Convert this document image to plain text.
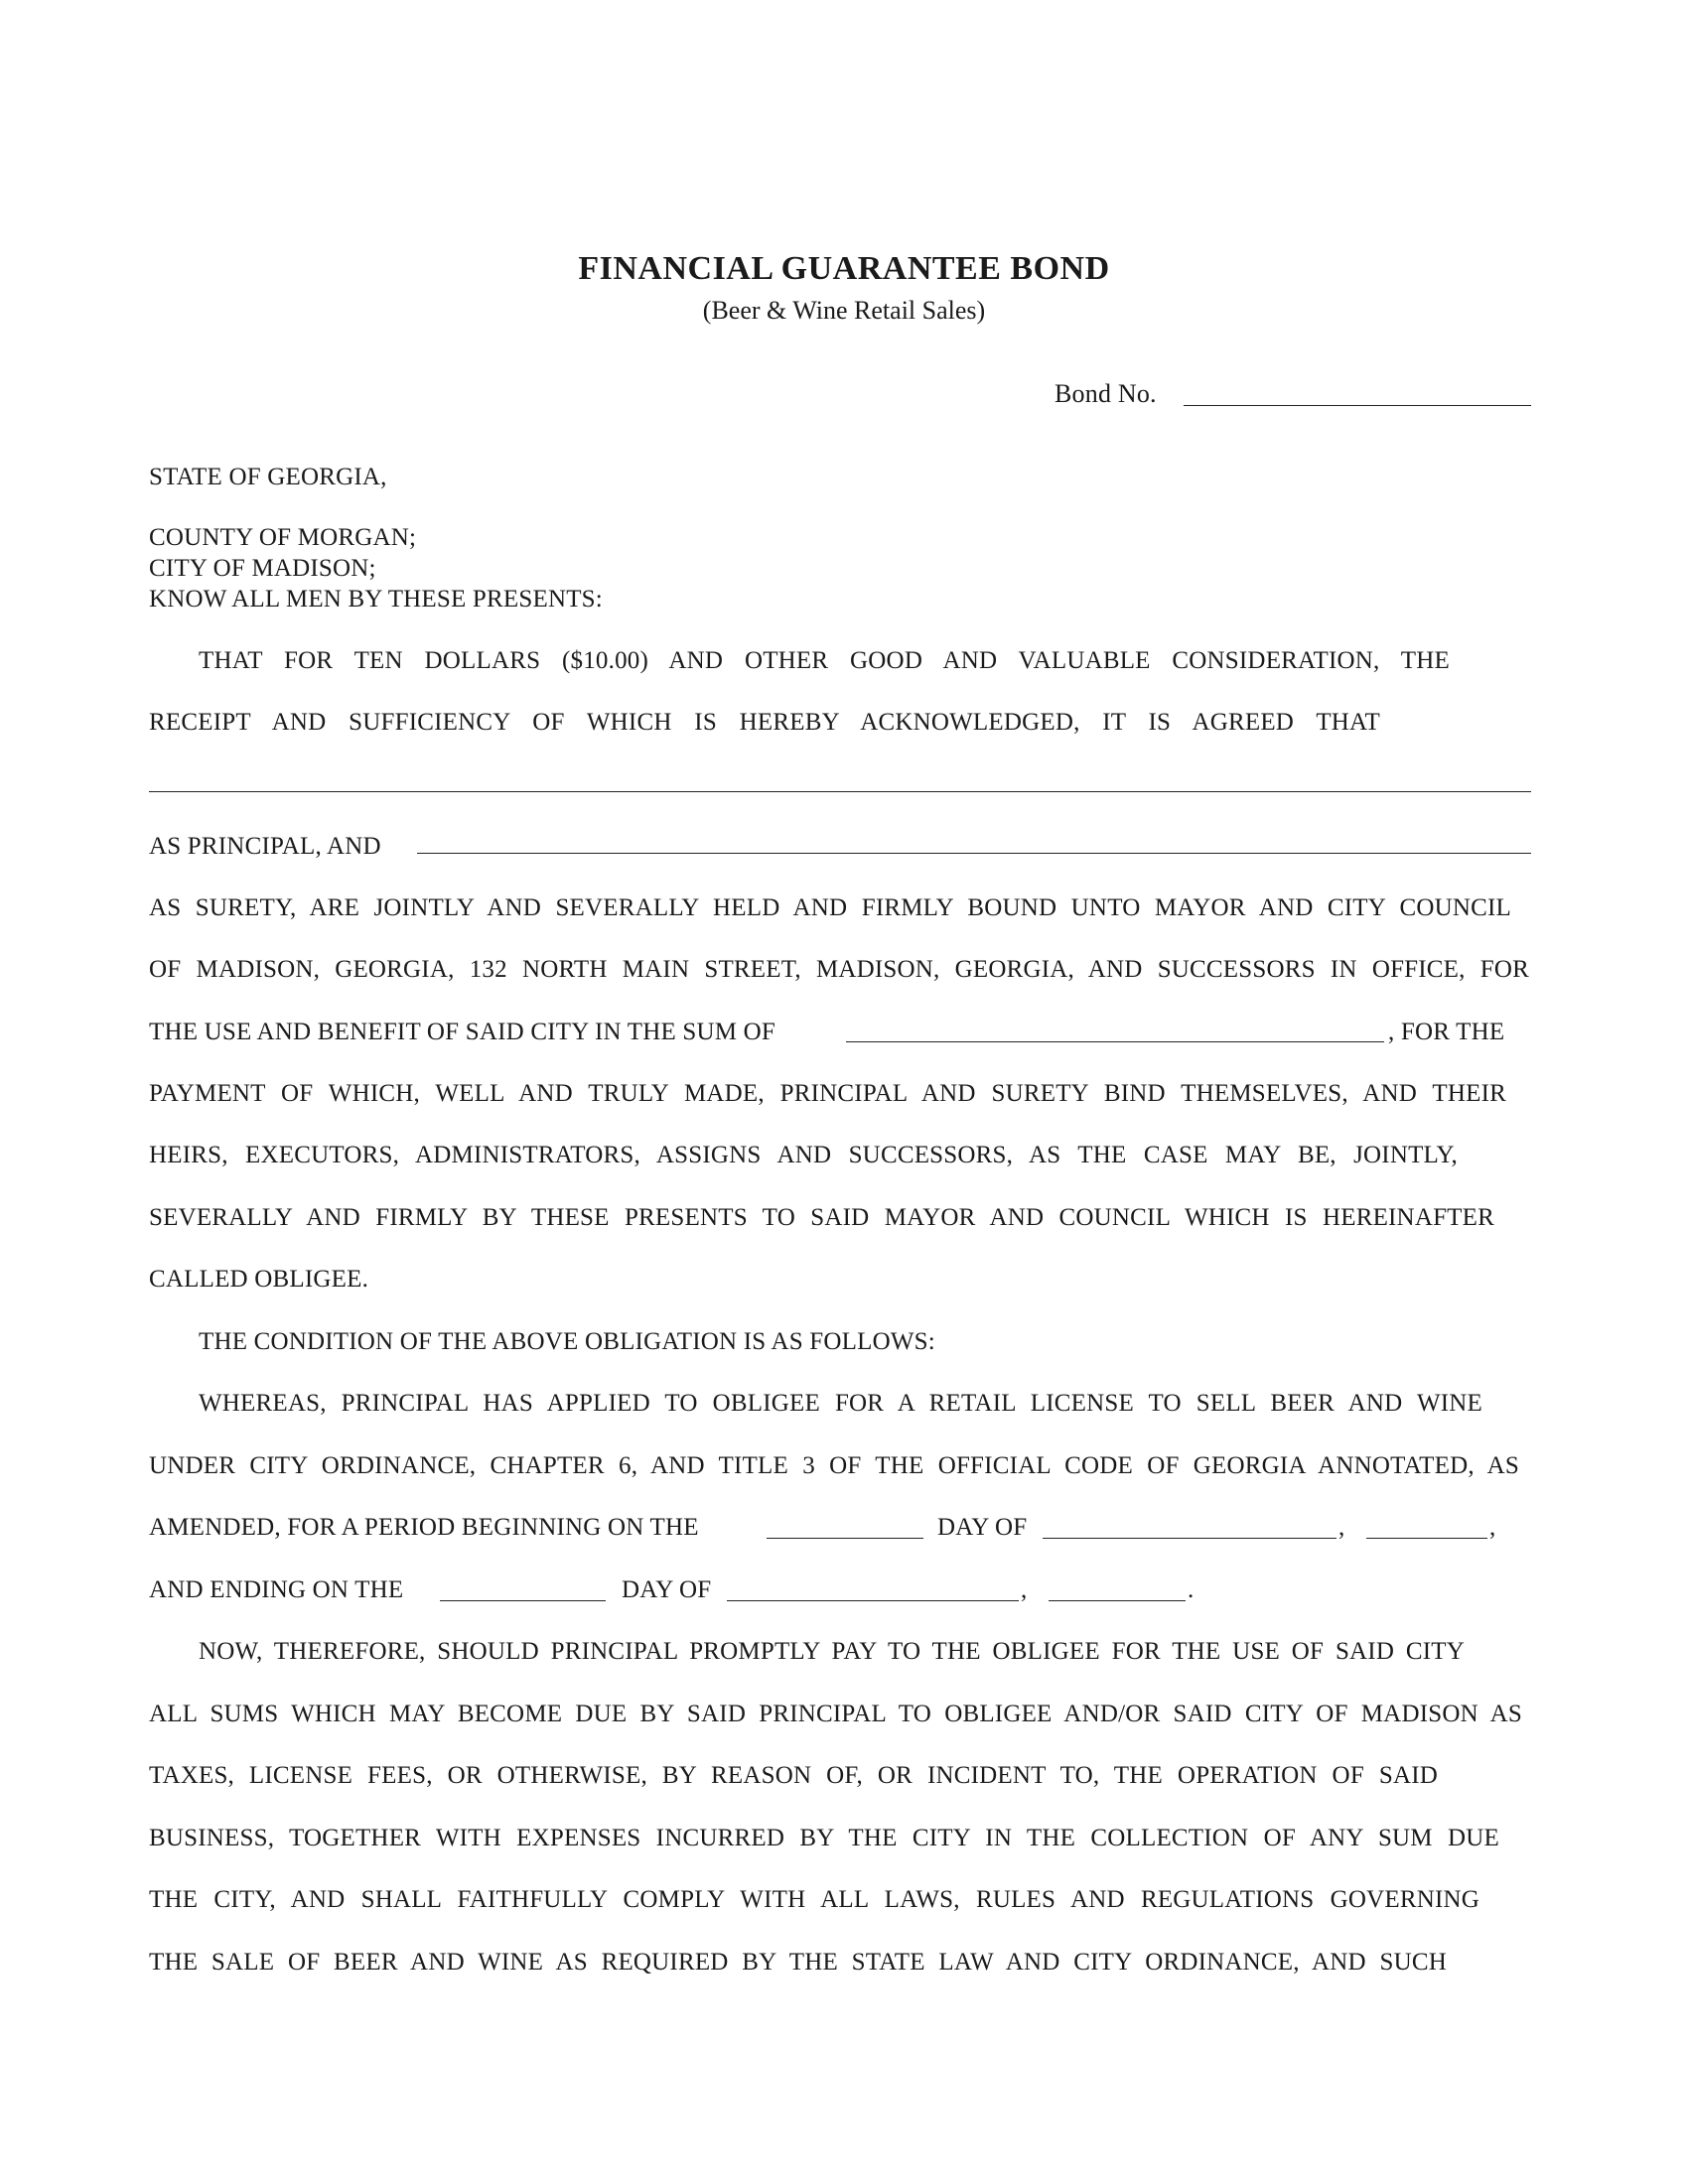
FINANCIAL GUARANTEE BOND
(Beer & Wine Retail Sales)
Bond No.
STATE OF GEORGIA,
COUNTY OF MORGAN;
CITY OF MADISON;
KNOW ALL MEN BY THESE PRESENTS:
THAT FOR TEN DOLLARS ($10.00) AND OTHER GOOD AND VALUABLE CONSIDERATION, THE
RECEIPT AND SUFFICIENCY OF WHICH IS HEREBY ACKNOWLEDGED, IT IS AGREED THAT
AS PRINCIPAL, AND
AS SURETY, ARE JOINTLY AND SEVERALLY HELD AND FIRMLY BOUND UNTO MAYOR AND CITY COUNCIL
OF MADISON, GEORGIA, 132 NORTH MAIN STREET, MADISON, GEORGIA, AND SUCCESSORS IN OFFICE, FOR
THE USE AND BENEFIT OF SAID CITY IN THE SUM OF	, FOR THE
PAYMENT OF WHICH, WELL AND TRULY MADE, PRINCIPAL AND SURETY BIND THEMSELVES, AND THEIR
HEIRS, EXECUTORS, ADMINISTRATORS, ASSIGNS AND SUCCESSORS, AS THE CASE MAY BE, JOINTLY,
SEVERALLY AND FIRMLY BY THESE PRESENTS TO SAID MAYOR AND COUNCIL WHICH IS HEREINAFTER
CALLED OBLIGEE.
THE CONDITION OF THE ABOVE OBLIGATION IS AS FOLLOWS:
WHEREAS, PRINCIPAL HAS APPLIED TO OBLIGEE FOR A RETAIL LICENSE TO SELL BEER AND WINE
UNDER CITY ORDINANCE, CHAPTER 6, AND TITLE 3 OF THE OFFICIAL CODE OF GEORGIA ANNOTATED, AS
AMENDED, FOR A PERIOD BEGINNING ON THE	DAY OF	,	,
AND ENDING ON THE	DAY OF	,	.
NOW, THEREFORE, SHOULD PRINCIPAL PROMPTLY PAY TO THE OBLIGEE FOR THE USE OF SAID CITY
ALL SUMS WHICH MAY BECOME DUE BY SAID PRINCIPAL TO OBLIGEE AND/OR SAID CITY OF MADISON AS
TAXES, LICENSE FEES, OR OTHERWISE, BY REASON OF, OR INCIDENT TO, THE OPERATION OF SAID
BUSINESS, TOGETHER WITH EXPENSES INCURRED BY THE CITY IN THE COLLECTION OF ANY SUM DUE
THE CITY, AND SHALL FAITHFULLY COMPLY WITH ALL LAWS, RULES AND REGULATIONS GOVERNING
THE SALE OF BEER AND WINE AS REQUIRED BY THE STATE LAW AND CITY ORDINANCE, AND SUCH
